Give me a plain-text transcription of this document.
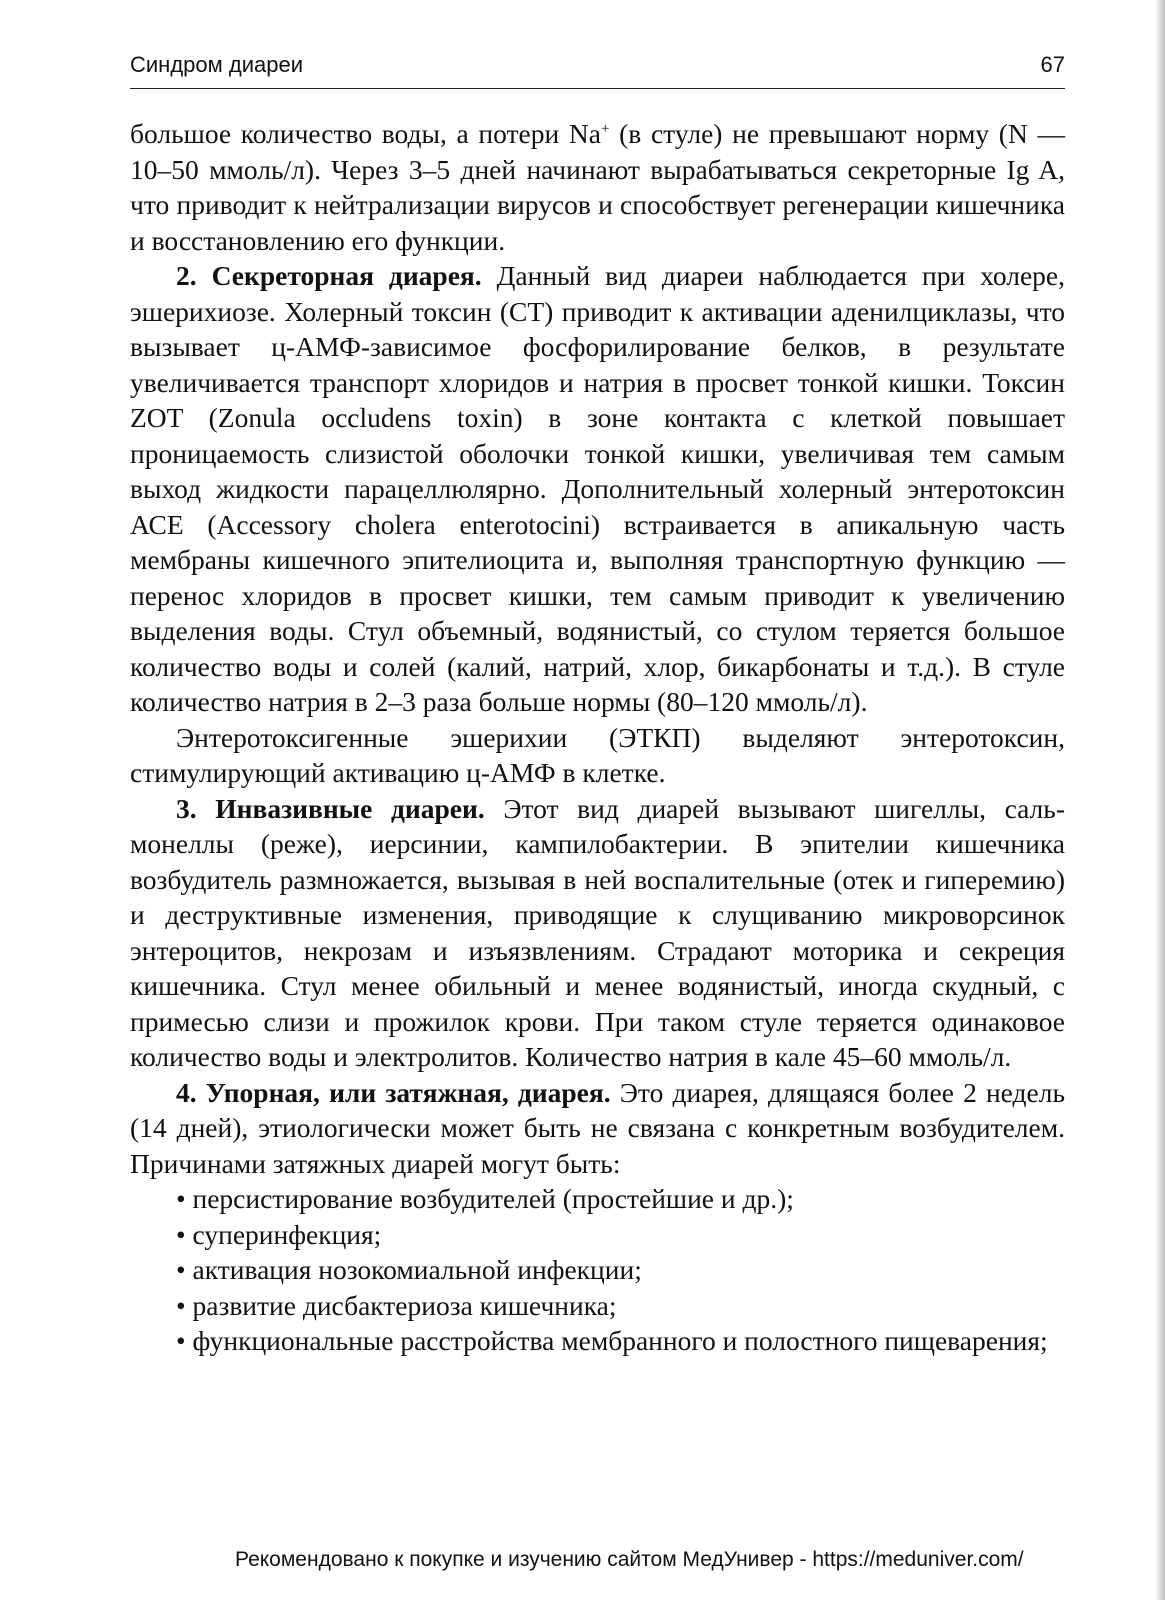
Синдром диареи	67

большое количество воды, а потери Na+ (в стуле) не превышают норму (N — 10–50 ммоль/л). Через 3–5 дней начинают вырабатываться секреторные Ig A, что приводит к нейтрализации вирусов и способствует регенерации кишечника и восстановлению его функции.

2. Секреторная диарея. Данный вид диареи наблюдается при холере, эшерихиозе. Холерный токсин (СТ) приводит к активации аденилциклазы, что вызывает ц-АМФ-зависимое фосфорилирование белков, в результате увеличивается транспорт хлоридов и натрия в просвет тонкой кишки. Токсин ZOT (Zonula occludens toxin) в зоне контакта с клеткой повышает проницаемость слизистой оболочки тонкой кишки, увеличивая тем самым выход жидкости парацеллюлярно. Дополнительный холерный энтеротоксин АСЕ (Accessory cholera enterotocini) встраивается в апикальную часть мембраны кишечного эпителиоцита и, выполняя транспортную функцию — перенос хлоридов в просвет кишки, тем самым приводит к увеличению выделения воды. Стул объемный, водянистый, со стулом теряется большое количество воды и солей (калий, натрий, хлор, бикарбонаты и т.д.). В стуле количество натрия в 2–3 раза больше нормы (80–120 ммоль/л).

Энтеротоксигенные эшерихии (ЭТКП) выделяют энтеротоксин, стимулирующий активацию ц-АМФ в клетке.

3. Инвазивные диареи. Этот вид диарей вызывают шигеллы, сальмонеллы (реже), иерсинии, кампилобактерии. В эпителии кишечника возбудитель размножается, вызывая в ней воспалительные (отек и гиперемию) и деструктивные изменения, приводящие к слущиванию микроворсинок энтероцитов, некрозам и изъязвлениям. Страдают моторика и секреция кишечника. Стул менее обильный и менее водянистый, иногда скудный, с примесью слизи и прожилок крови. При таком стуле теряется одинаковое количество воды и электролитов. Количество натрия в кале 45–60 ммоль/л.

4. Упорная, или затяжная, диарея. Это диарея, длящаяся более 2 недель (14 дней), этиологически может быть не связана с конкретным возбудителем. Причинами затяжных диарей могут быть:

• персистирование возбудителей (простейшие и др.);

• суперинфекция;

• активация нозокомиальной инфекции;

• развитие дисбактериоза кишечника;

• функциональные расстройства мембранного и полостного пищеварения;

Рекомендовано к покупке и изучению сайтом МедУнивер - https://meduniver.com/
